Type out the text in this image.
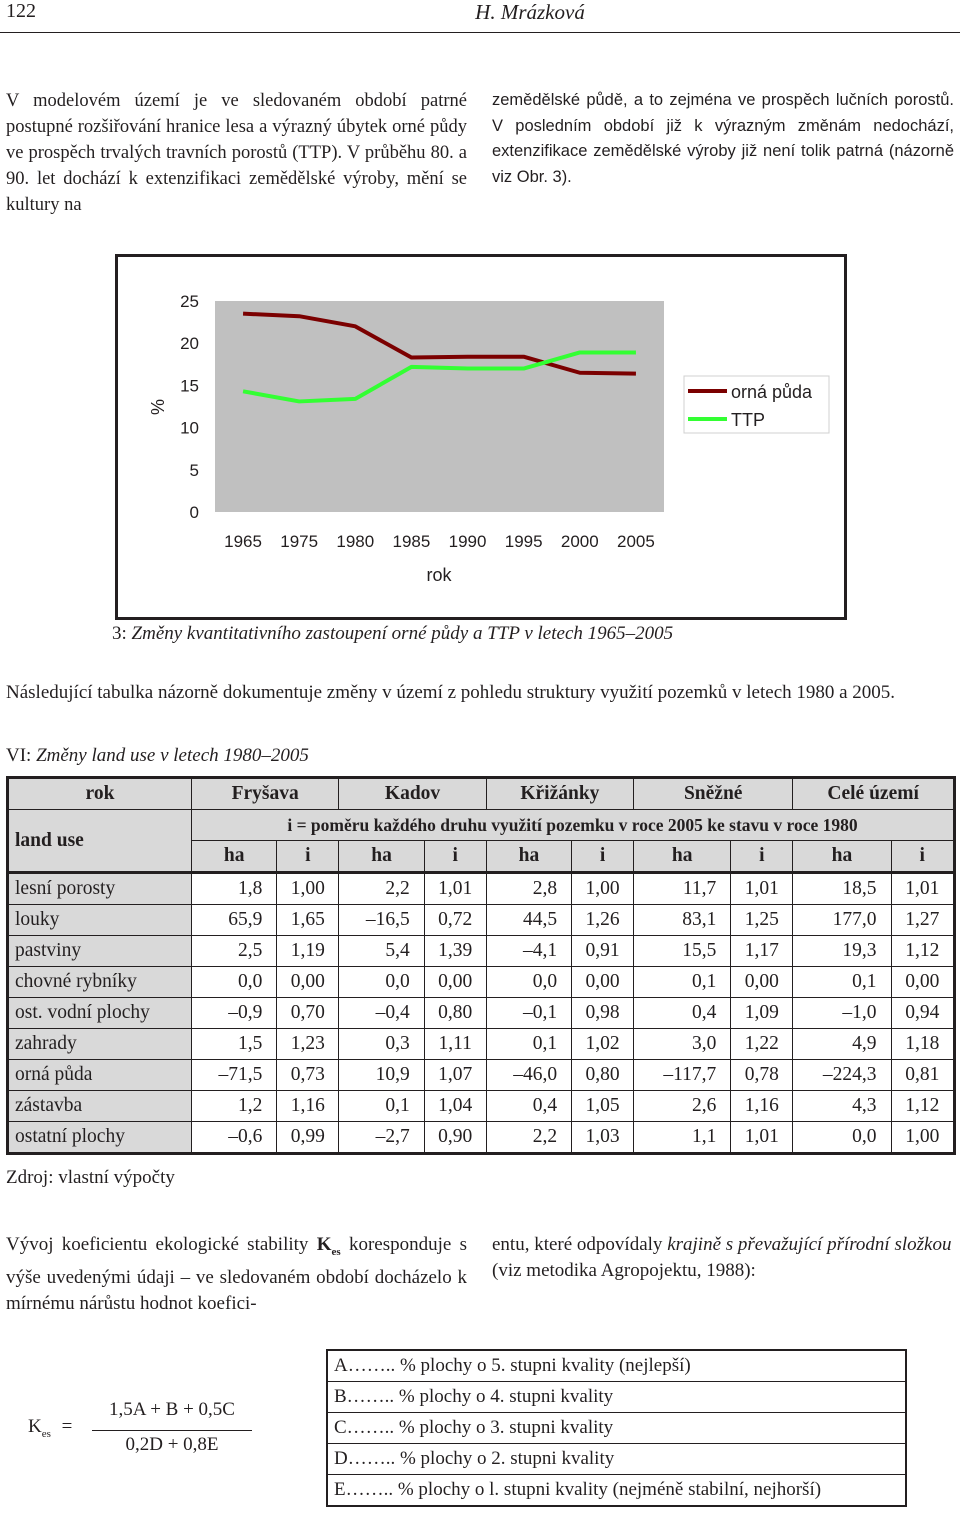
122	H. Mrázková
V modelovém území je ve sledovaném období patrné postupné rozšiřování hranice lesa a výrazný úbytek orné půdy ve prospěch trvalých travních porostů (TTP). V průběhu 80. a 90. let dochází k extenzifikaci zemědělské výroby, mění se kultury na
zemědělské půdě, a to zejména ve prospěch lučních porostů. V posledním období již k výrazným změnám nedochází, extenzifikace zemědělské výroby již není tolik patrná (názorně viz Obr. 3).
25
20
15
10
5
0
1965 1975 1980 1985 1990 1995 2000 2005
%
rok
orná půda
TTP
3: Změny kvantitativního zastoupení orné půdy a TTP v letech 1965–2005
Následující tabulka názorně dokumentuje změny v území z pohledu struktury využití pozemků v letech 1980 a 2005.
VI: Změny land use v letech 1980–2005
rok	Fryšava		Kadov		Křižánky		Sněžné		Celé území	
land use	i = poměru každého druhu využití pozemku v roce 2005 ke stavu v roce 1980									
	ha	i	ha	i	ha	i	ha	i	ha	i
lesní porosty	1,8	1,00	2,2	1,01	2,8	1,00	11,7	1,01	18,5	1,01
louky	65,9	1,65	–16,5	0,72	44,5	1,26	83,1	1,25	177,0	1,27
pastviny	2,5	1,19	5,4	1,39	–4,1	0,91	15,5	1,17	19,3	1,12
chovné rybníky	0,0	0,00	0,0	0,00	0,0	0,00	0,1	0,00	0,1	0,00
ost. vodní plochy	–0,9	0,70	–0,4	0,80	–0,1	0,98	0,4	1,09	–1,0	0,94
zahrady	1,5	1,23	0,3	1,11	0,1	1,02	3,0	1,22	4,9	1,18
orná půda	–71,5	0,73	10,9	1,07	–46,0	0,80	–117,7	0,78	–224,3	0,81
zástavba	1,2	1,16	0,1	1,04	0,4	1,05	2,6	1,16	4,3	1,12
ostatní plochy	–0,6	0,99	–2,7	0,90	2,2	1,03	1,1	1,01	0,0	1,00
Zdroj: vlastní výpočty
Vývoj koeficientu ekologické stability $K_{es}$ koresponduje s výše uvedenými údaji – ve sledovaném období docházelo k mírnému nárůstu hodnot koefici-
entu, které odpovídaly krajině s převažující přírodní složkou (viz metodika Agropojektu, 1988):
$K_{es}$ =
1,5A + B + 0,5C
0,2D + 0,8E
A…….. % plochy o 5. stupni kvality (nejlepší)
B…….. % plochy o 4. stupni kvality
C…….. % plochy o 3. stupni kvality
D…….. % plochy o 2. stupni kvality
E…….. % plochy o l. stupni kvality (nejméně stabilní, nejhorší)
